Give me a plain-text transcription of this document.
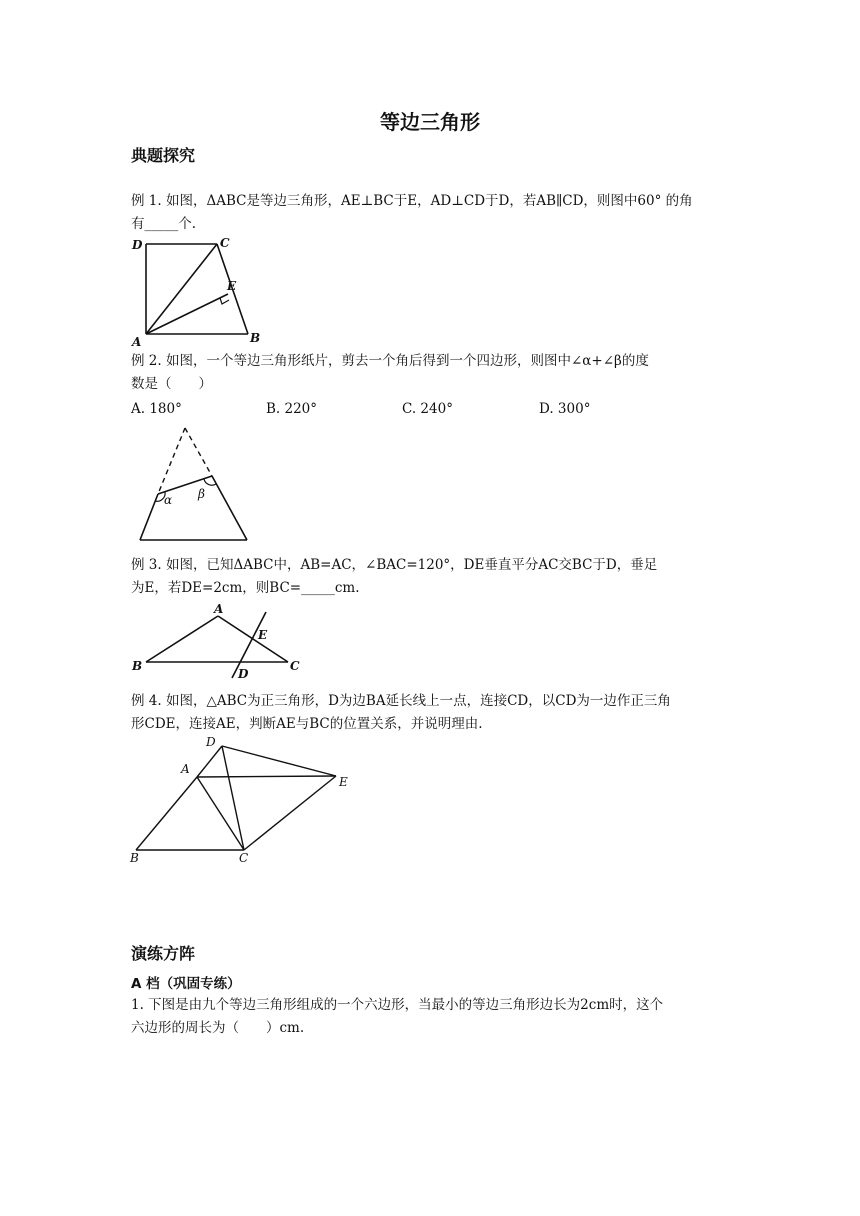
等边三角形
典题探究
例 1. 如图，ΔABC是等边三角形，AE⊥BC于E，AD⊥CD于D，若AB∥CD，则图中60° 的角
有_____个.
D	C
E
A	B
例 2. 如图，一个等边三角形纸片，剪去一个角后得到一个四边形，则图中∠α+∠β的度
数是（　　）
A. 180°	B. 220°	C. 240°	D. 300°
α β
例 3. 如图，已知ΔABC中，AB=AC，∠BAC=120°，DE垂直平分AC交BC于D，垂足
为E，若DE=2cm，则BC=_____cm.
A
E
B
D
C
例 4. 如图，△ABC为正三角形，D为边BA延长线上一点，连接CD，以CD为一边作正三角
形CDE，连接AE，判断AE与BC的位置关系，并说明理由.
D
A
E
B	C
演练方阵
A 档（巩固专练）
1. 下图是由九个等边三角形组成的一个六边形，当最小的等边三角形边长为2cm时，这个
六边形的周长为（　　）cm.
